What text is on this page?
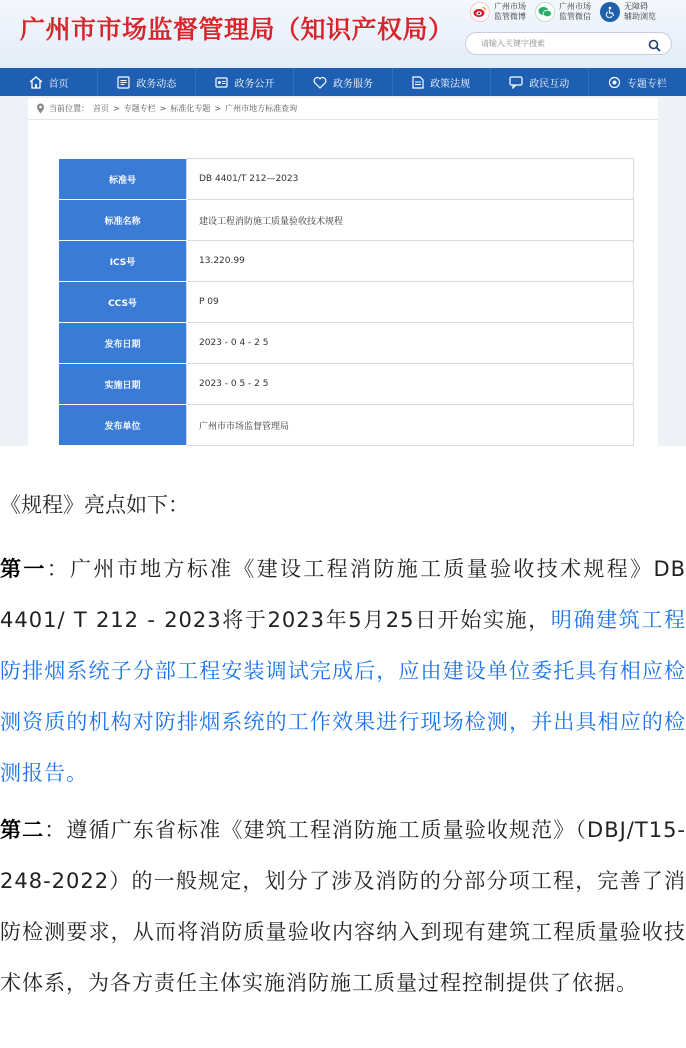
广州市市场监督管理局（知识产权局）
广州市场
监管微博
广州市场
监管微信
无障碍
辅助浏览
请输入关键字搜索
首页	政务动态	政务公开	政务服务	政策法规	政民互动	专题专栏
当前位置： 首页 > 专题专栏 > 标准化专题 > 广州市地方标准查询
标准号	DB 4401/T 212—2023
标准名称	建设工程消防施工质量验收技术规程
ICS号	13.220.99
CCS号	P 09
发布日期	2023 - 0 4 - 2 5
实施日期	2023 - 0 5 - 2 5
发布单位	广州市市场监督管理局
《规程》亮点如下：

第一：广州市地方标准《建设工程消防施工质量验收技术规程》DB 4401/ T 212 - 2023将于2023年5月25日开始实施，明确建筑工程防排烟系统子分部工程安装调试完成后，应由建设单位委托具有相应检测资质的机构对防排烟系统的工作效果进行现场检测，并出具相应的检测报告。

第二：遵循广东省标准《建筑工程消防施工质量验收规范》（DBJ/T15-248-2022）的一般规定，划分了涉及消防的分部分项工程，完善了消防检测要求，从而将消防质量验收内容纳入到现有建筑工程质量验收技术体系，为各方责任主体实施消防施工质量过程控制提供了依据。
